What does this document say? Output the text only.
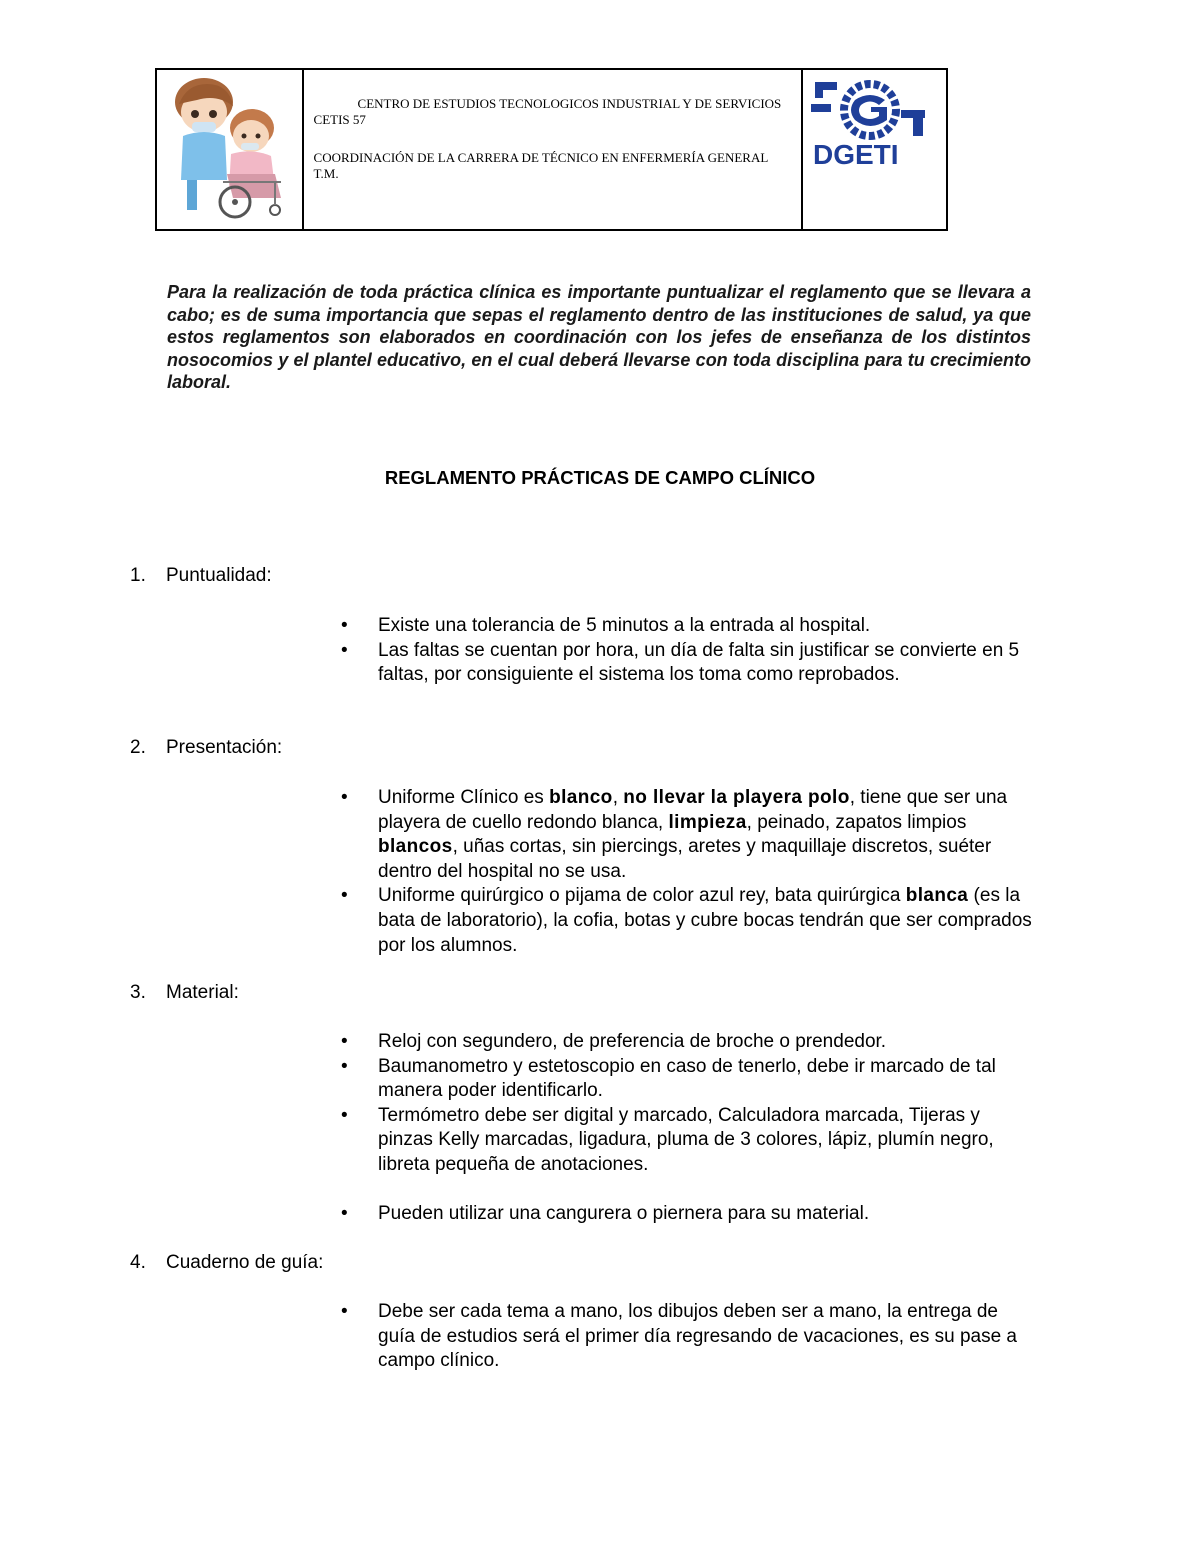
CENTRO DE ESTUDIOS TECNOLOGICOS INDUSTRIAL Y DE SERVICIOS CETIS 57
COORDINACIÓN DE LA CARRERA DE TÉCNICO EN ENFERMERÍA GENERAL T.M.
DGETI
Para la realización de toda práctica clínica es importante puntualizar el reglamento que se llevara a cabo; es de suma importancia que sepas el reglamento dentro de las instituciones de salud, ya que estos reglamentos son elaborados en coordinación con los jefes de enseñanza de los distintos nosocomios y el plantel educativo, en el cual deberá llevarse con toda disciplina para tu crecimiento laboral.
REGLAMENTO PRÁCTICAS DE CAMPO CLÍNICO
1. Puntualidad:
• Existe una tolerancia de 5 minutos a la entrada al hospital.
• Las faltas se cuentan por hora, un día de falta sin justificar se convierte en 5 faltas, por consiguiente el sistema los toma como reprobados.
2. Presentación:
• Uniforme Clínico es blanco, no llevar la playera polo, tiene que ser una playera de cuello redondo blanca, limpieza, peinado, zapatos limpios blancos, uñas cortas, sin piercings, aretes y maquillaje discretos, suéter dentro del hospital no se usa.
• Uniforme quirúrgico o pijama de color azul rey, bata quirúrgica blanca (es la bata de laboratorio), la cofia, botas y cubre bocas tendrán que ser comprados por los alumnos.
3. Material:
• Reloj con segundero, de preferencia de broche o prendedor.
• Baumanometro y estetoscopio en caso de tenerlo, debe ir marcado de tal manera poder identificarlo.
• Termómetro debe ser digital y marcado, Calculadora marcada, Tijeras y pinzas Kelly marcadas, ligadura, pluma de 3 colores, lápiz, plumín negro, libreta pequeña de anotaciones.
• Pueden utilizar una cangurera o piernera para su material.
4. Cuaderno de guía:
• Debe ser cada tema a mano, los dibujos deben ser a mano, la entrega de guía de estudios será el primer día regresando de vacaciones, es su pase a campo clínico.
